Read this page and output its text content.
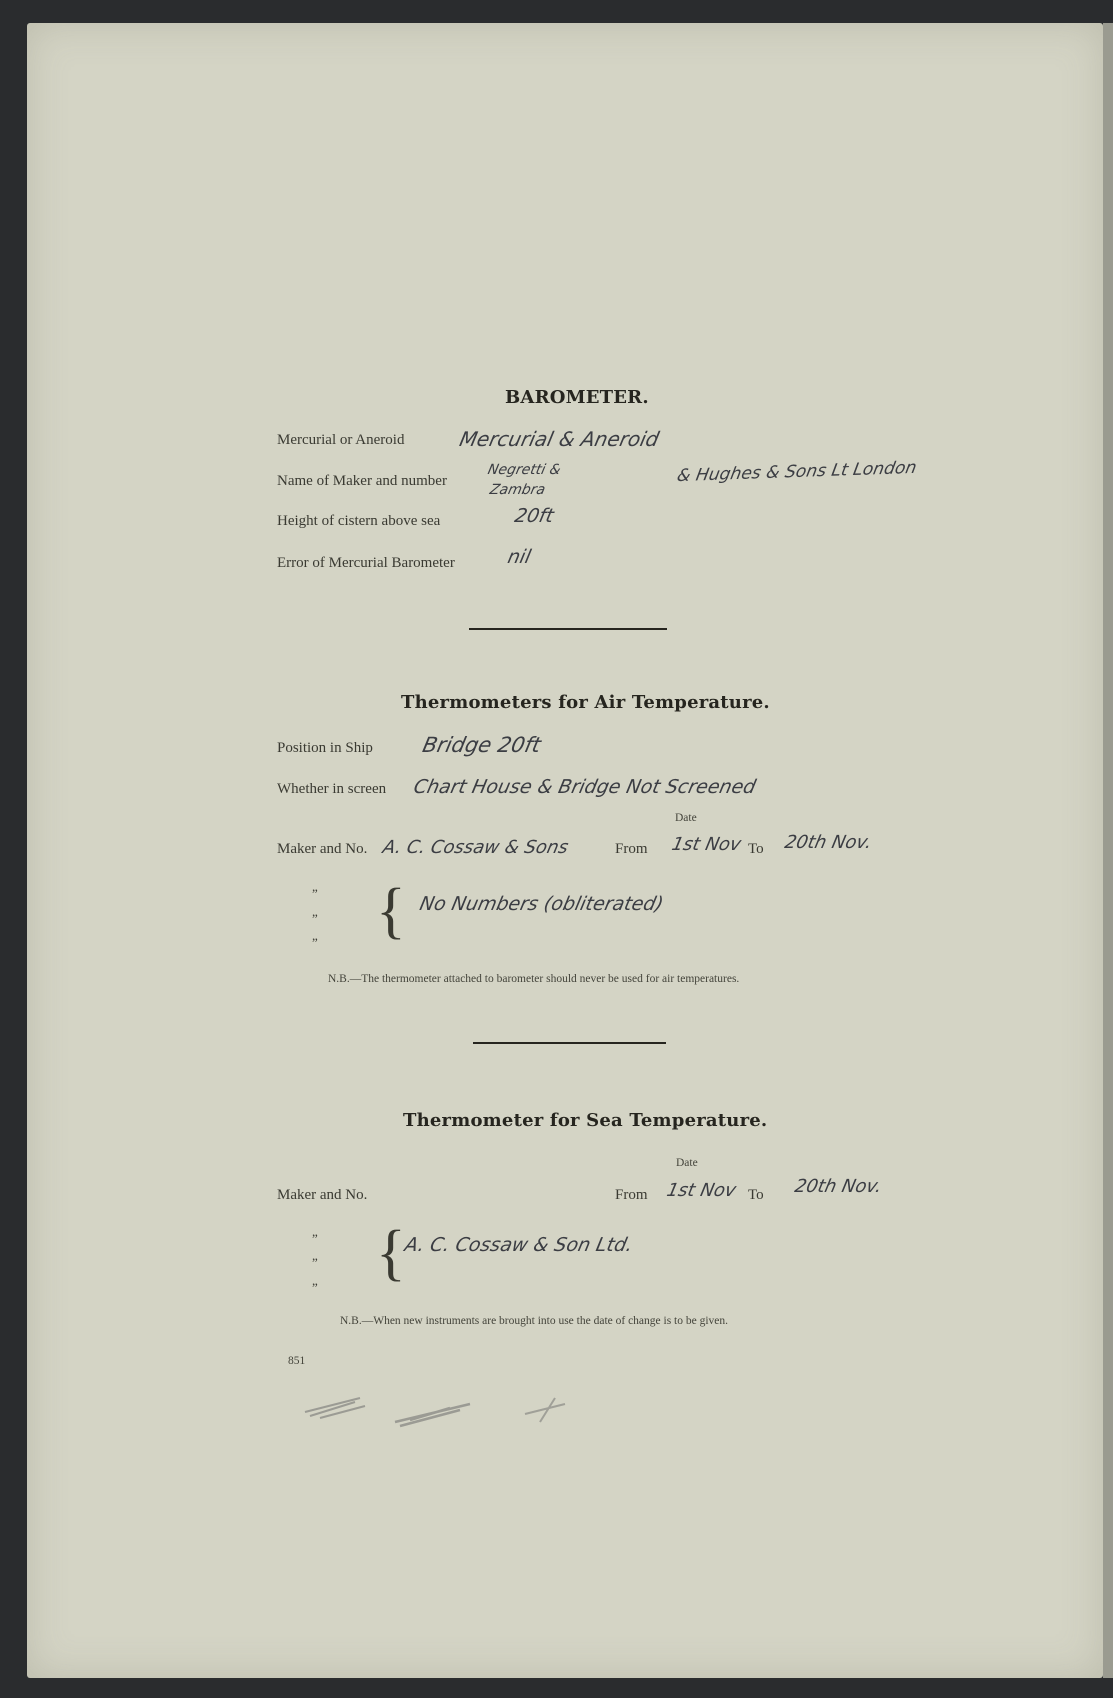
BAROMETER.
Mercurial or Aneroid	Mercurial & Aneroid
Name of Maker and number
Negretti &
Zambra
& Hughes & Sons Lt London
Height of cistern above sea	20ft
Error of Mercurial Barometer	nil
Thermometers for Air Temperature.
Position in Ship Bridge 20ft
Whether in screen Chart House & Bridge Not Screened
Date
Maker and No. A. C. Cossaw & Sons	From 1st Nov To 20th Nov.
”
”
” { No Numbers (obliterated)
N.B.—The thermometer attached to barometer should never be used for air temperatures.
Thermometer for Sea Temperature.
Date
Maker and No.	From 1st Nov To 20th Nov.
”
”
”
{
A. C. Cossaw & Son Ltd.
N.B.—When new instruments are brought into use the date of change is to be given.
851
